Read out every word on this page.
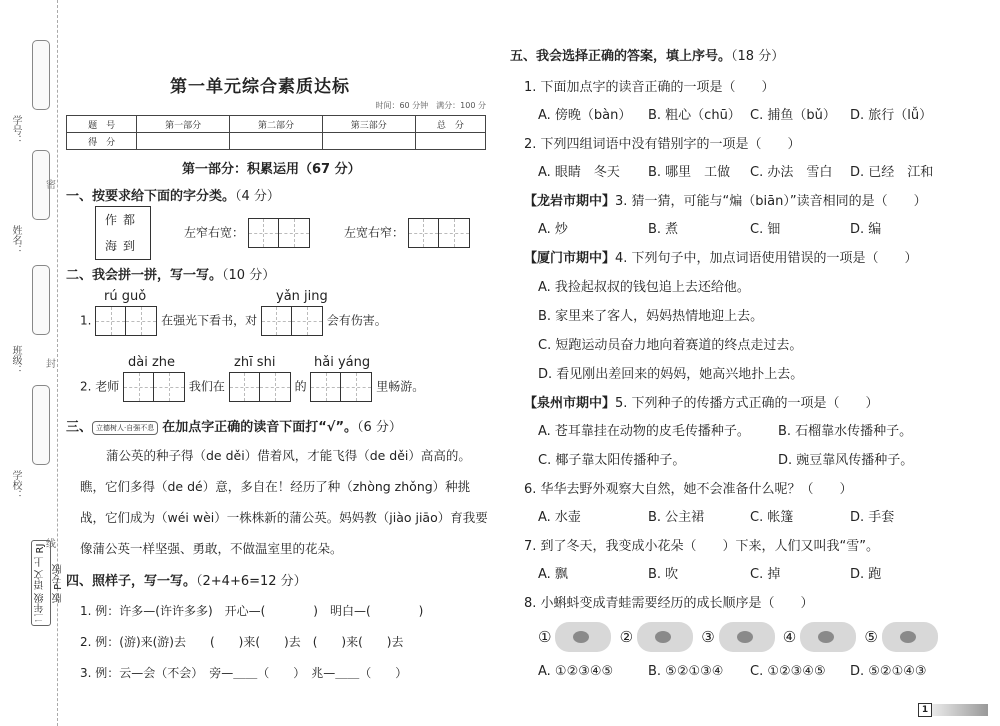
学号：
姓名：
密
班级：	封
学校：
线
二年级 语文 上 RJ版 P专版
第一单元综合素质达标
时间：60 分钟　满分：100 分
题　号	第一部分	第二部分	第三部分	总　分
得　分				
第一部分：积累运用（67 分）
一、按要求给下面的字分类。（4 分）
作都
海到
左窄右宽：	左宽右窄：
二、我会拼一拼，写一写。（10 分）
rú guǒ	yǎn jing
1.	在强光下看书，对	会有伤害。
dài zhe	zhī shi	hǎi yáng
2. 老师	我们在	的	里畅游。
三、 立德树人·自强不息 在加点字正确的读音下面打“√”。（6 分）
蒲公英的种子得（de děi）借着风，才能飞得（de děi）高高的。瞧，它们多得（de dé）意，多自在！经历了种（zhòng zhǒng）种挑战，它们成为（wéi wèi）一株株新的蒲公英。妈妈教（jiào jiāo）育我要像蒲公英一样坚强、勇敢，不做温室里的花朵。
四、照样子，写一写。（2+4+6=12 分）
1. 例：许多—(许许多多)　开心—(　　　　)　明白—(　　　　)
2. 例：(游)来(游)去　　(　　)来(　　)去　(　　)来(　　)去
3. 例：云—会（不会）　旁—＿＿（　　）　兆—＿＿（　　）
五、我会选择正确的答案，填上序号。（18 分）
1. 下面加点字的读音正确的一项是（　　）
A. 傍晚（bàn） B. 粗心（chū） C. 捕鱼（bǔ） D. 旅行（lǚ）
2. 下列四组词语中没有错别字的一项是（　　）
A. 眼睛　冬天 B. 哪里　工做 C. 办法　雪白 D. 已经　江和
【龙岩市期中】3. 猜一猜，可能与“煸（biān）”读音相同的是（　　）
A. 炒	B. 煮	C. 钿	D. 编
【厦门市期中】4. 下列句子中，加点词语使用错误的一项是（　　）
A. 我捡起叔叔的钱包追上去还给他。
B. 家里来了客人，妈妈热情地迎上去。
C. 短跑运动员奋力地向着赛道的终点走过去。
D. 看见刚出差回来的妈妈，她高兴地扑上去。
【泉州市期中】5. 下列种子的传播方式正确的一项是（　　）
A. 苍耳靠挂在动物的皮毛传播种子。 B. 石榴靠水传播种子。
C. 椰子靠太阳传播种子。	D. 豌豆靠风传播种子。
6. 华华去野外观察大自然，她不会准备什么呢？（　　）
A. 水壶	B. 公主裙	C. 帐篷	D. 手套
7. 到了冬天，我变成小花朵（　　）下来，人们又叫我“雪”。
A. 飘	B. 吹	C. 掉	D. 跑
8. 小蝌蚪变成青蛙需要经历的成长顺序是（　　）
①	②	③	④	⑤
A. ①②③④⑤	B. ⑤②①③④ C. ①②③④⑤ D. ⑤②①④③
1
